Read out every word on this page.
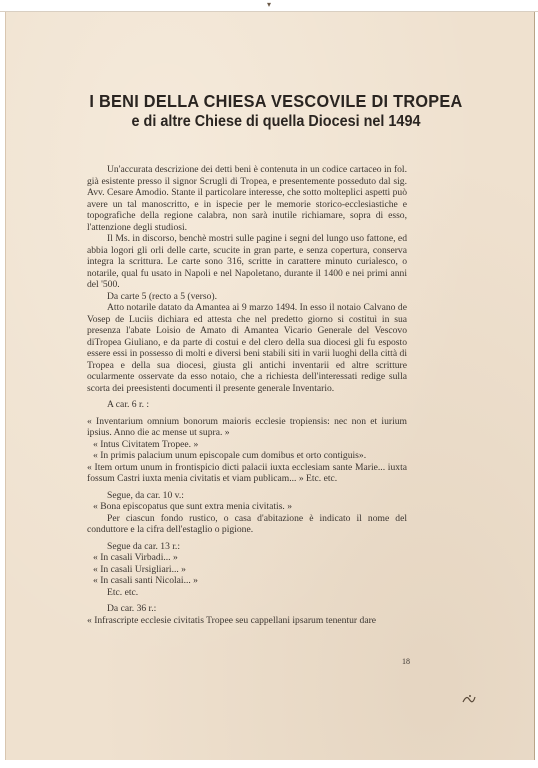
▾
I BENI DELLA CHIESA VESCOVILE DI TROPEA
e di altre Chiese di quella Diocesi nel 1494

Un'accurata descrizione dei detti beni è contenuta in un codice cartaceo in fol. già esistente presso il signor Scrugli di Tropea, e presentemente posseduto dal sig. Avv. Cesare Amodio. Stante il particolare interesse, che sotto molteplici aspetti può avere un tal manoscritto, e in ispecie per le memorie storico-ecclesiastiche e topografiche della regione calabra, non sarà inutile richiamare, sopra di esso, l'attenzione degli studiosi.

Il Ms. in discorso, benchè mostri sulle pagine i segni del lungo uso fattone, ed abbia logori gli orli delle carte, scucite in gran parte, e senza copertura, conserva integra la scrittura. Le carte sono 316, scritte in carattere minuto curialesco, o notarile, qual fu usato in Napoli e nel Napoletano, durante il 1400 e nei primi anni del '500.

Da carte 5 (recto a 5 (verso).

Atto notarile datato da Amantea ai 9 marzo 1494. In esso il notaio Calvano de Vosep de Luciis dichiara ed attesta che nel predetto giorno si costituì in sua presenza l'abate Loisio de Amato di Amantea Vicario Generale del Vescovo diTropea Giuliano, e da parte di costui e del clero della sua diocesi gli fu esposto essere essi in possesso di molti e diversi beni stabili siti in varii luoghi della città di Tropea e della sua diocesi, giusta gli antichi inventarii ed altre scritture ocularmente osservate da esso notaio, che a richiesta dell'interessati redige sulla scorta dei preesistenti documenti il presente generale Inventario.

A car. 6 r. :

« Inventarium omnium bonorum maioris ecclesie tropiensis: nec non et iurium ipsius. Anno die ac mense ut supra. »

« Intus Civitatem Tropee. »

« In primis palacium unum episcopale cum domibus et orto contiguis».

« Item ortum unum in frontispicio dicti palacii iuxta ecclesiam sante Marie... iuxta fossum Castri iuxta menia civitatis et viam publicam... » Etc. etc.

Segue, da car. 10 v.:

« Bona episcopatus que sunt extra menia civitatis. »

Per ciascun fondo rustico, o casa d'abitazione è indicato il nome del conduttore e la cifra dell'estaglio o pigione.

Segue da car. 13 r.:

« In casali Virbadi... »

« In casali Ursigliari... »

« In casali santi Nicolai... »

Etc. etc.

Da car. 36 r.:

« Infrascripte ecclesie civitatis Tropee seu cappellani ipsarum tenentur dare

18
